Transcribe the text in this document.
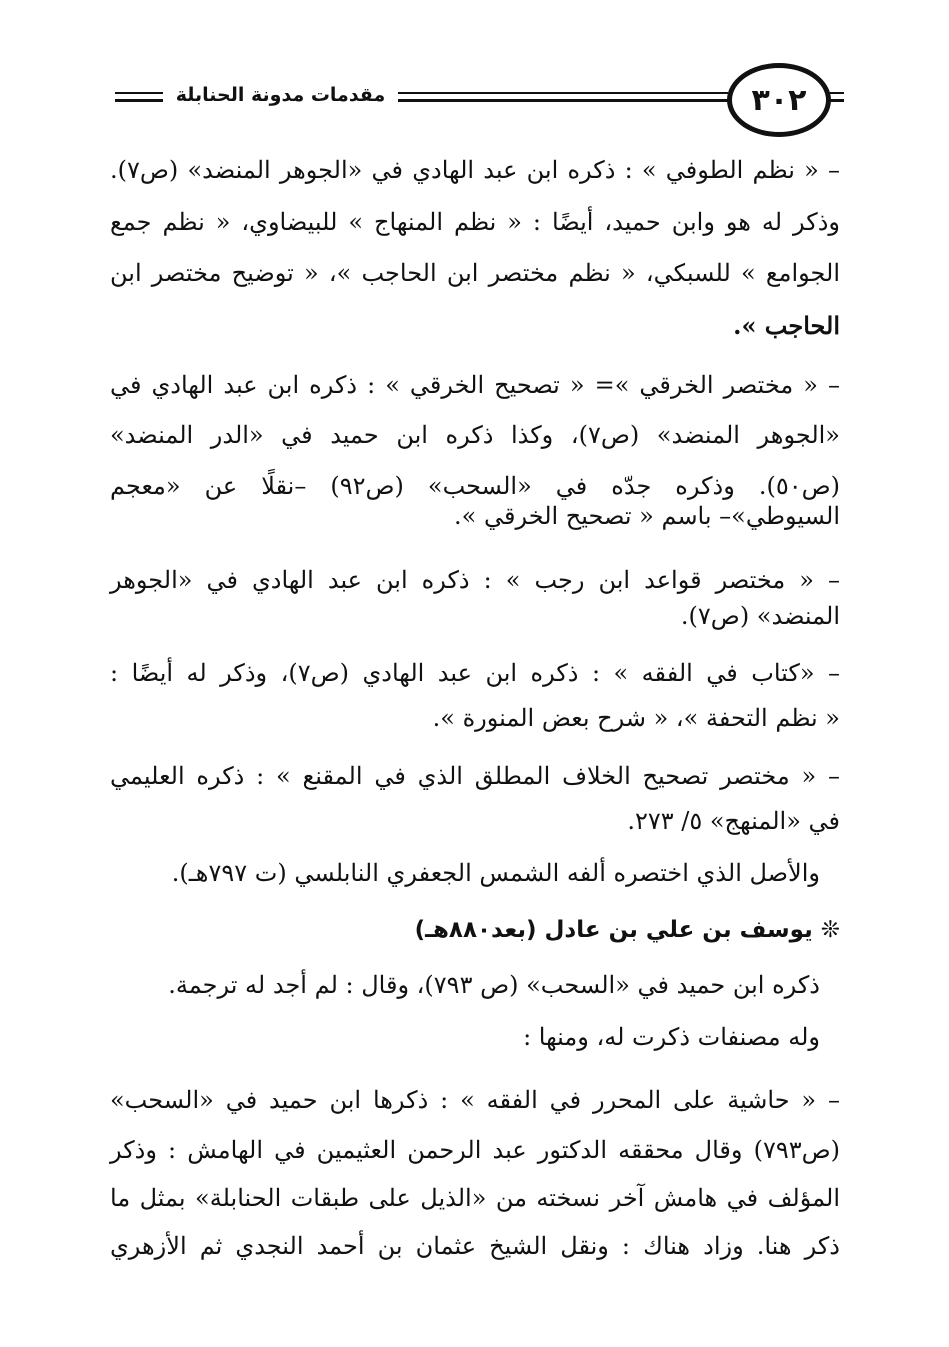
مقدمات مدونة الحنابلة	٣٠٢
– « نظم الطوفي » : ذكره ابن عبد الهادي في «الجوهر المنضد» (ص٧).
وذكر له هو وابن حميد، أيضًا : « نظم المنهاج » للبيضاوي، « نظم جمع
الجوامع » للسبكي، « نظم مختصر ابن الحاجب »، « توضيح مختصر ابن
الحاجب ».
– « مختصر الخرقي »= « تصحيح الخرقي » : ذكره ابن عبد الهادي في
«الجوهر المنضد» (ص٧)، وكذا ذكره ابن حميد في «الدر المنضد»
(ص٥٠). وذكره جدّه في «السحب» (ص٩٢) –نقلًا عن «معجم
السيوطي»– باسم « تصحيح الخرقي ».
– « مختصر قواعد ابن رجب » : ذكره ابن عبد الهادي في «الجوهر
المنضد» (ص٧).
– «كتاب في الفقه » : ذكره ابن عبد الهادي (ص٧)، وذكر له أيضًا :
« نظم التحفة »، « شرح بعض المنورة ».
– « مختصر تصحيح الخلاف المطلق الذي في المقنع » : ذكره العليمي
في «المنهج» ٥/ ٢٧٣.
والأصل الذي اختصره ألفه الشمس الجعفري النابلسي (ت ٧٩٧هـ).
❊ يوسف بن علي بن عادل (بعد٨٨٠هـ)
ذكره ابن حميد في «السحب» (ص ٧٩٣)، وقال : لم أجد له ترجمة.
وله مصنفات ذكرت له، ومنها :
– « حاشية على المحرر في الفقه » : ذكرها ابن حميد في «السحب»
(ص٧٩٣) وقال محققه الدكتور عبد الرحمن العثيمين في الهامش : وذكر
المؤلف في هامش آخر نسخته من «الذيل على طبقات الحنابلة» بمثل ما
ذكر هنا. وزاد هناك : ونقل الشيخ عثمان بن أحمد النجدي ثم الأزهري
